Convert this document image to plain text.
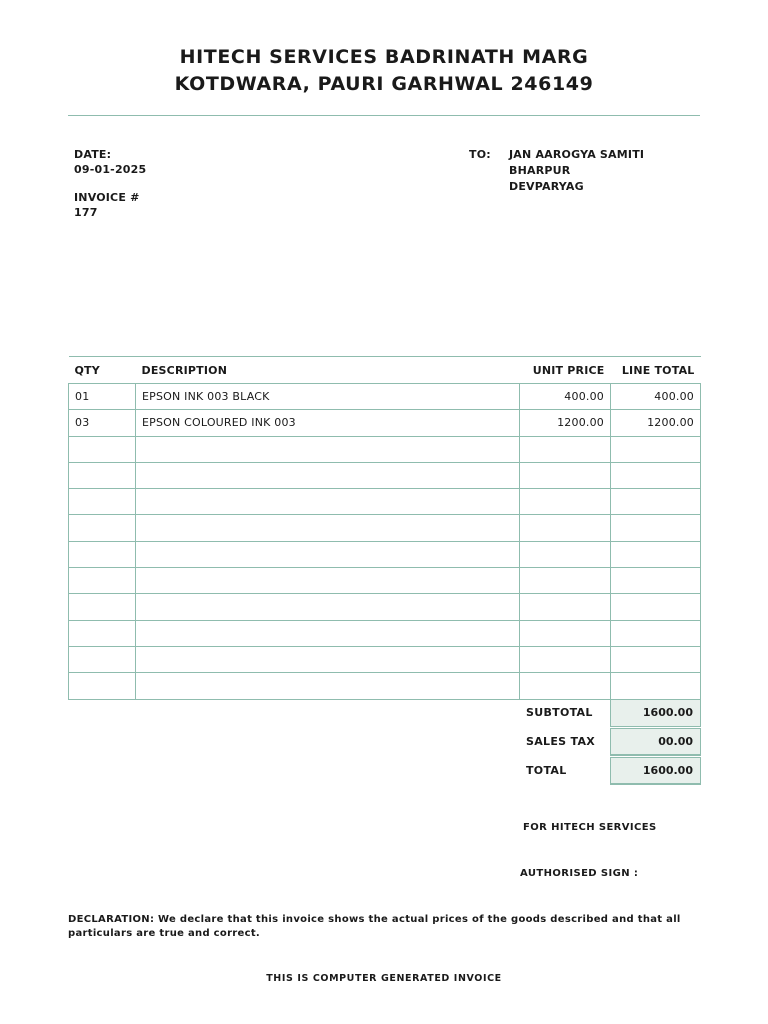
HITECH SERVICES BADRINATH MARG
KOTDWARA, PAURI GARHWAL 246149
DATE:
09-01-2025
INVOICE #
177
TO: JAN AAROGYA SAMITI
BHARPUR
DEVPARYAG
QTY	DESCRIPTION	UNIT PRICE	LINE TOTAL
01	EPSON INK 003 BLACK	400.00	400.00
03	EPSON COLOURED INK 003	1200.00	1200.00

SUBTOTAL	1600.00
SALES TAX	00.00
TOTAL	1600.00
FOR HITECH SERVICES
AUTHORISED SIGN :
DECLARATION: We declare that this invoice shows the actual prices of the goods described and that all particulars are true and correct.
THIS IS COMPUTER GENERATED INVOICE
